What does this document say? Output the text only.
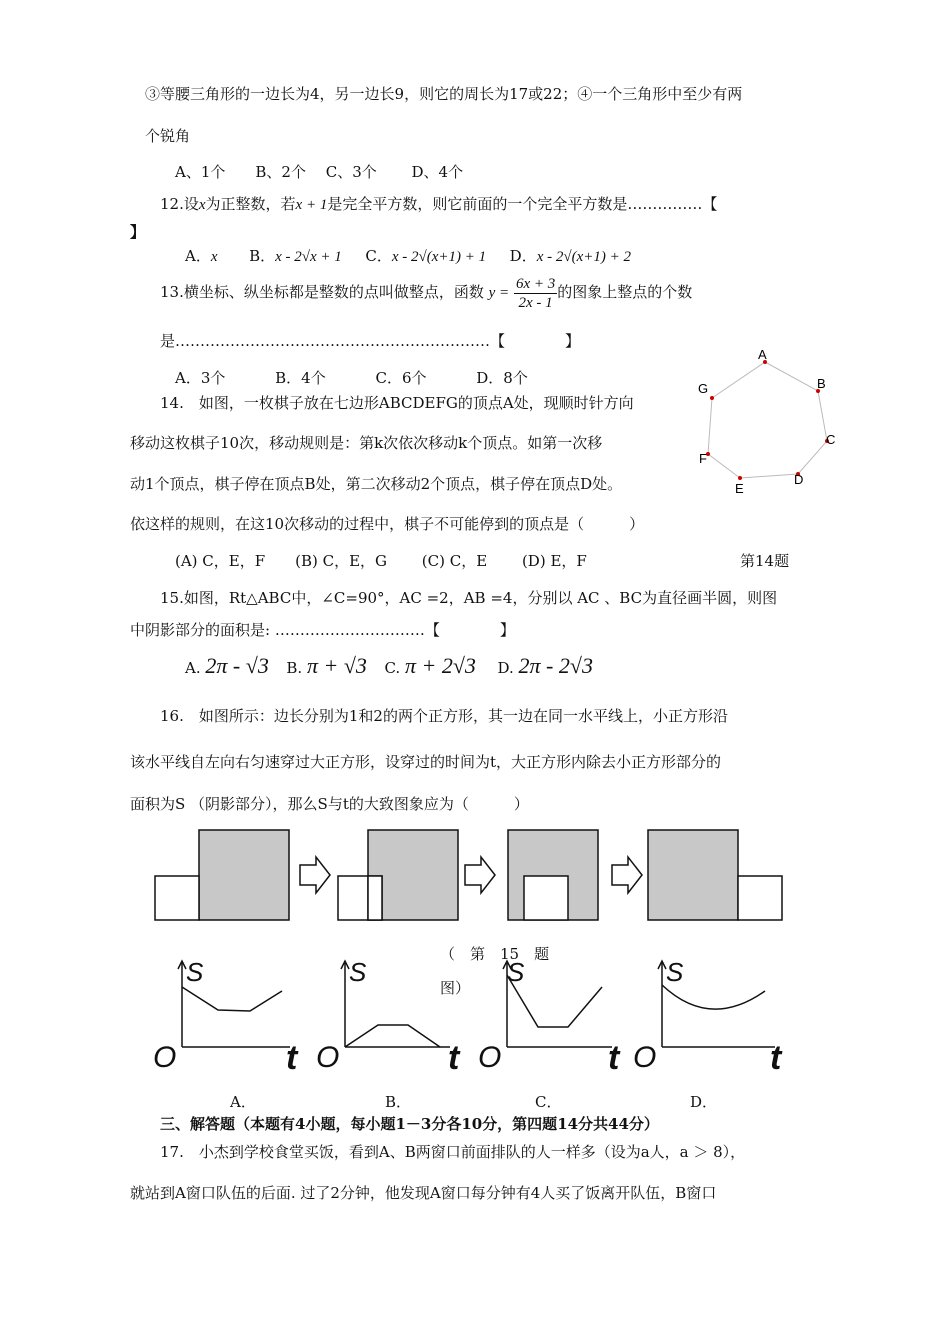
③等腰三角形的一边长为4，另一边长9，则它的周长为17或22；④一个三角形中至少有两
个锐角
A、1个　　B、2个　 C、3个　　 D、4个
12.设x为正整数，若x + 1是完全平方数，则它前面的一个完全平方数是……………【
】
A．x B．x - 2√x + 1 C．x - 2√(x+1) + 1 D．x - 2√(x+1) + 2
13.横坐标、纵坐标都是整数的点叫做整点，函数 $y = \frac{6x + 3}{2x - 1}$ 的图象上整点的个数
是………………………………………………………【　　　　】
A．3个　　　 B．4个　　　 C．6个　　　 D．8个
14.　如图，一枚棋子放在七边形ABCDEFG的顶点A处，现顺时针方向
移动这枚棋子10次，移动规则是：第k次依次移动k个顶点。如第一次移
动1个顶点，棋子停在顶点B处，第二次移动2个顶点，棋子停在顶点D处。
依这样的规则，在这10次移动的过程中，棋子不可能停到的顶点是（　　　）
(A) C，E，F　　(B) C，E，G　　 (C) C，E　　 (D) E，F	第14题
A
B
C
D
E
F
G
15.如图，Rt△ABC中，∠C=90°，AC =2，AB =4，分别以 AC 、BC为直径画半圆，则图
中阴影部分的面积是: …………………………【　　　　】
A. 2π - √3 B. π + √3 C. π + 2√3 D. 2π - 2√3
16.　如图所示：边长分别为1和2的两个正方形，其一边在同一水平线上，小正方形沿
该水平线自左向右匀速穿过大正方形，设穿过的时间为t，大正方形内除去小正方形部分的
面积为S （阴影部分），那么S与t的大致图象应为（　　　）
（　第　15　题
图）
S
O	t
S
O	t
S
O	t
S
O	t
A．	B．	C．	D．
三、解答题（本题有4小题，每小题1－3分各10分，第四题14分共44分）
17.　小杰到学校食堂买饭，看到A、B两窗口前面排队的人一样多（设为a人，a ＞ 8），
就站到A窗口队伍的后面. 过了2分钟，他发现A窗口每分钟有4人买了饭离开队伍，B窗口
